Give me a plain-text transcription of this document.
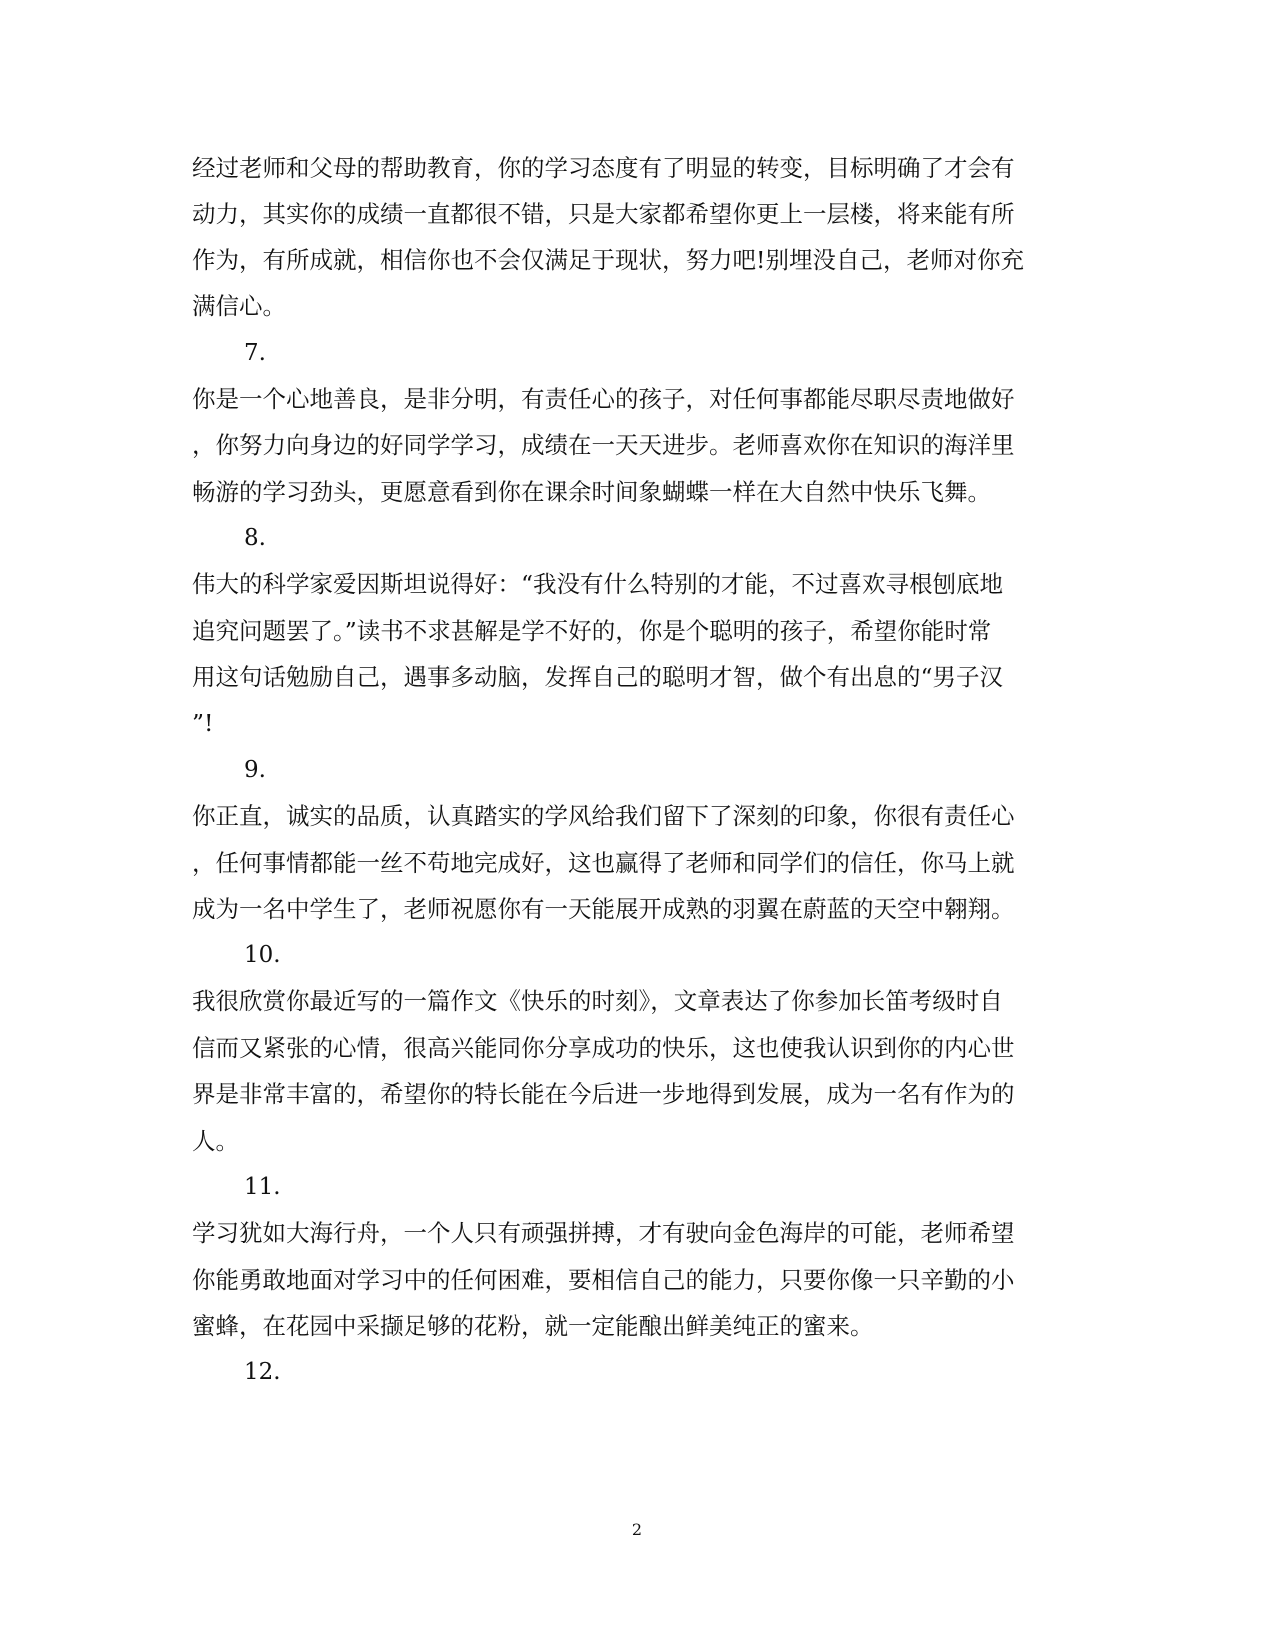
经过老师和父母的帮助教育，你的学习态度有了明显的转变，目标明确了才会有
动力，其实你的成绩一直都很不错，只是大家都希望你更上一层楼，将来能有所
作为，有所成就，相信你也不会仅满足于现状，努力吧!别埋没自己，老师对你充
满信心。
7.
你是一个心地善良，是非分明，有责任心的孩子，对任何事都能尽职尽责地做好
，你努力向身边的好同学学习，成绩在一天天进步。老师喜欢你在知识的海洋里
畅游的学习劲头，更愿意看到你在课余时间象蝴蝶一样在大自然中快乐飞舞。
8.
伟大的科学家爱因斯坦说得好：“我没有什么特别的才能，不过喜欢寻根刨底地
追究问题罢了。”读书不求甚解是学不好的，你是个聪明的孩子，希望你能时常
用这句话勉励自己，遇事多动脑，发挥自己的聪明才智，做个有出息的“男子汉
”!
9.
你正直，诚实的品质，认真踏实的学风给我们留下了深刻的印象，你很有责任心
，任何事情都能一丝不苟地完成好，这也赢得了老师和同学们的信任，你马上就
成为一名中学生了，老师祝愿你有一天能展开成熟的羽翼在蔚蓝的天空中翱翔。
10.
我很欣赏你最近写的一篇作文《快乐的时刻》，文章表达了你参加长笛考级时自
信而又紧张的心情，很高兴能同你分享成功的快乐，这也使我认识到你的内心世
界是非常丰富的，希望你的特长能在今后进一步地得到发展，成为一名有作为的
人。
11.
学习犹如大海行舟，一个人只有顽强拼搏，才有驶向金色海岸的可能，老师希望
你能勇敢地面对学习中的任何困难，要相信自己的能力，只要你像一只辛勤的小
蜜蜂，在花园中采撷足够的花粉，就一定能酿出鲜美纯正的蜜来。
12.
2
